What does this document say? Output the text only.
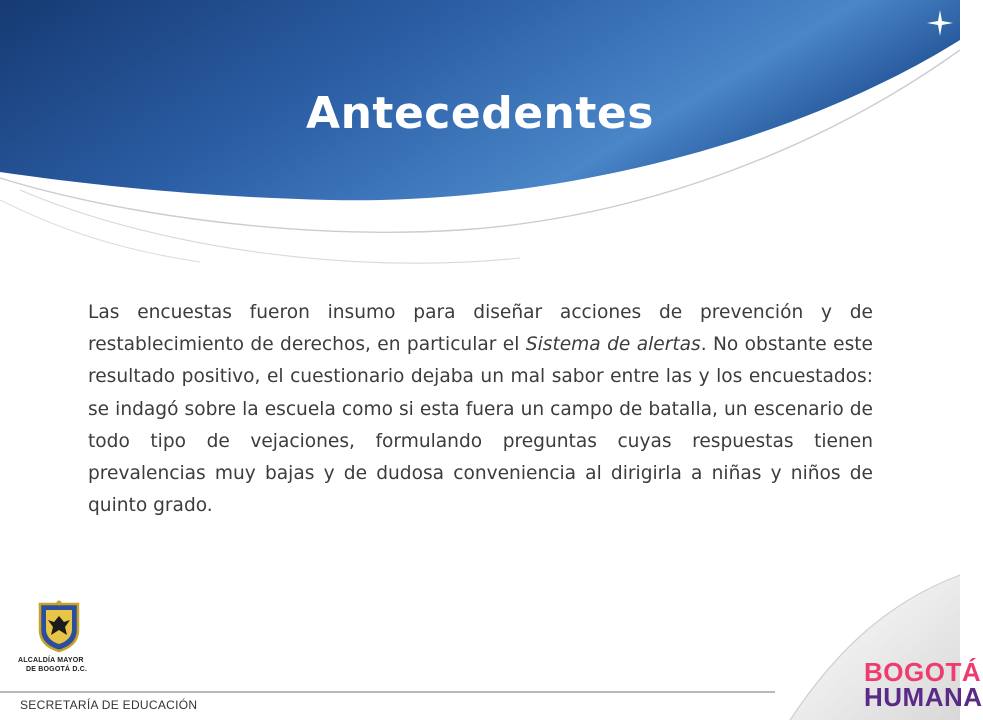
Antecedentes

Las encuestas fueron insumo para diseñar acciones de prevención y de restablecimiento de derechos, en particular el Sistema de alertas. No obstante este resultado positivo, el cuestionario dejaba un mal sabor entre las y los encuestados: se indagó sobre la escuela como si esta fuera un campo de batalla, un escenario de todo tipo de vejaciones, formulando preguntas cuyas respuestas tienen prevalencias muy bajas y de dudosa conveniencia al dirigirla a niñas y niños de quinto grado.

ALCALDÍA MAYOR
DE BOGOTÁ D.C.
SECRETARÍA DE EDUCACIÓN
BOGOTÁ
HUMANA
